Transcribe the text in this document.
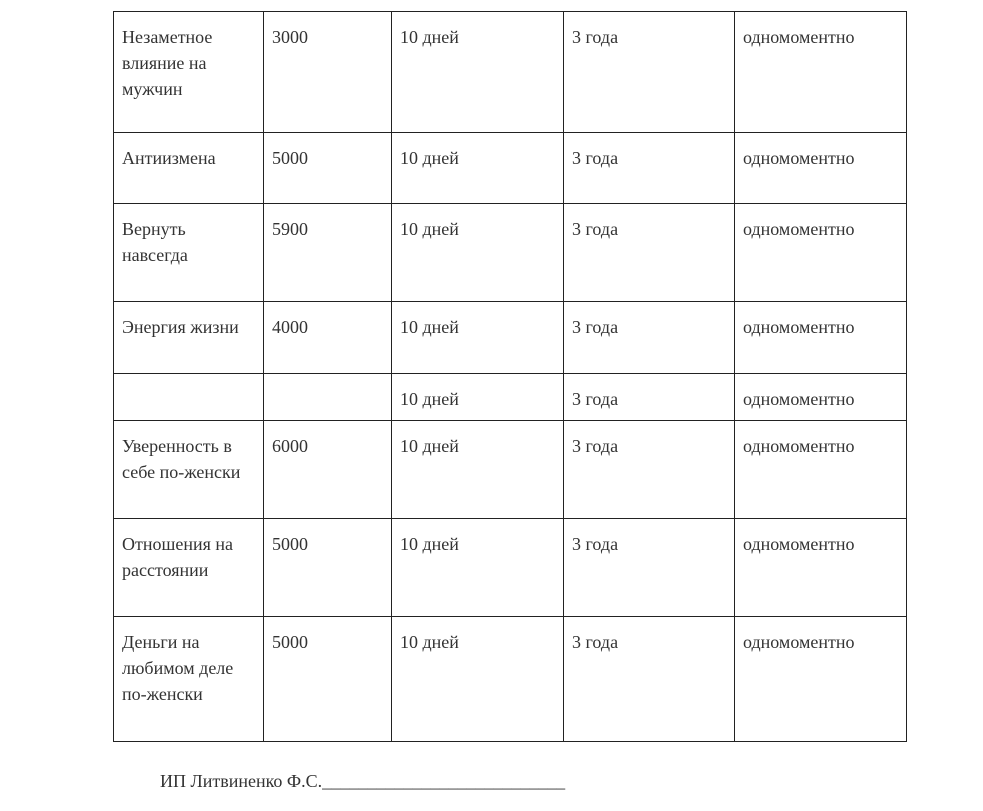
Незаметное влияние на мужчин	3000	10 дней	3 года	одномоментно
Антиизмена	5000	10 дней	3 года	одномоментно
Вернуть навсегда	5900	10 дней	3 года	одномоментно
Энергия жизни	4000	10 дней	3 года	одномоментно
		10 дней	3 года	одномоментно
Уверенность в себе по-женски	6000	10 дней	3 года	одномоментно
Отношения на расстоянии	5000	10 дней	3 года	одномоментно
Деньги на любимом деле по-женски	5000	10 дней	3 года	одномоментно
ИП Литвиненко Ф.С.___________________________
